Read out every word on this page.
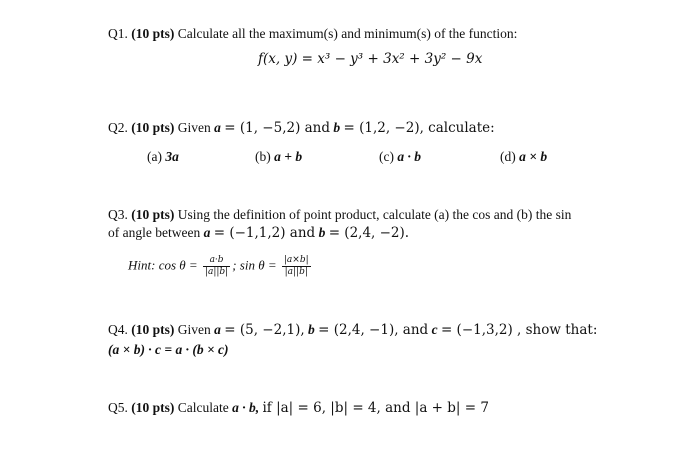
Q1. (10 pts) Calculate all the maximum(s) and minimum(s) of the function:
f(x, y) = x³ − y³ + 3x² + 3y² − 9x
Q2. (10 pts) Given a = (1, −5,2) and b = (1,2, −2), calculate:
(a) 3a	(b) a + b	(c) a · b	(d) a × b
Q3. (10 pts) Using the definition of point product, calculate (a) the cos and (b) the sin
of angle between a = (−1,1,2) and b = (2,4, −2).
Hint: $\cos \theta = \frac{a\cdot b}{|a||b|}$ ; $\sin \theta = \frac{|a\times b|}{|a||b|}$
Q4. (10 pts) Given a = (5, −2,1), b = (2,4, −1), and c = (−1,3,2) , show that:
(a × b) · c = a · (b × c)
Q5. (10 pts) Calculate a · b, if |a| = 6, |b| = 4, and |a + b| = 7
